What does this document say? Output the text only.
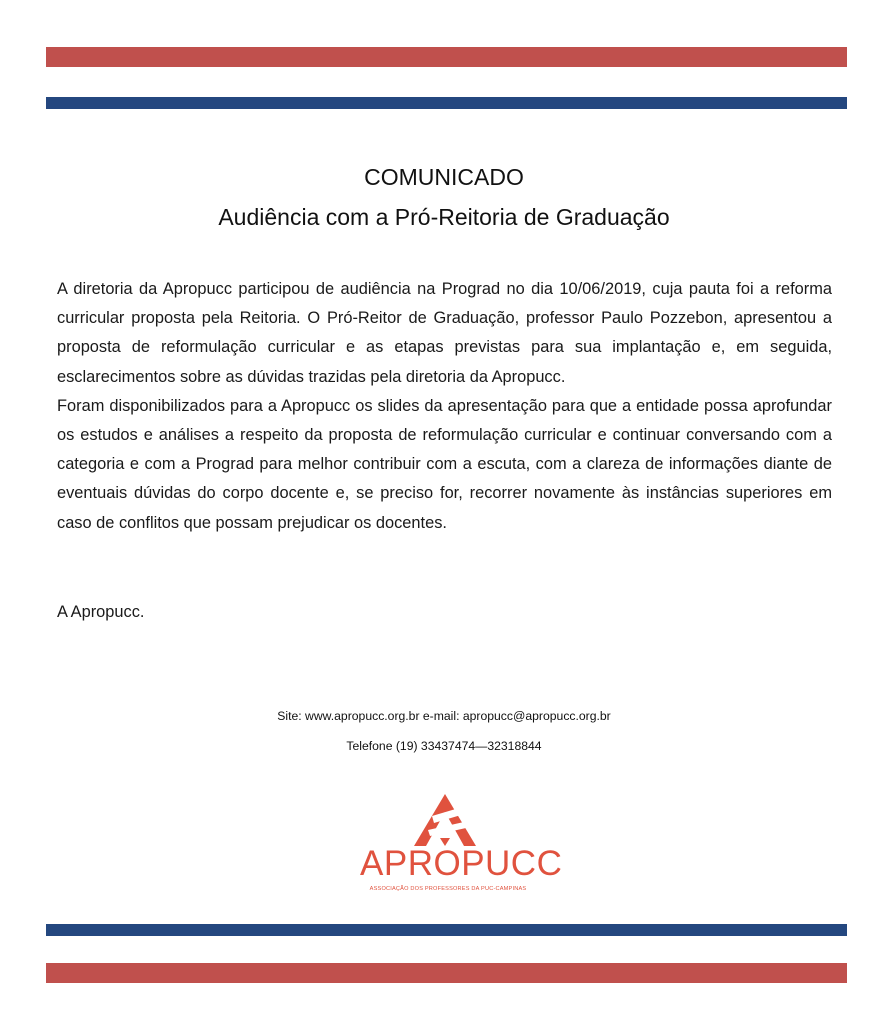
COMUNICADO
Audiência com a Pró-Reitoria de Graduação

A diretoria da Apropucc participou de audiência na Prograd no dia 10/06/2019, cuja pauta foi a reforma curricular proposta pela Reitoria. O Pró-Reitor de Graduação, professor Paulo Pozzebon, apresentou a proposta de reformulação curricular e as etapas previstas para sua implantação e, em seguida, esclarecimentos sobre as dúvidas trazidas pela diretoria da Apropucc.

Foram disponibilizados para a Apropucc os slides da apresentação para que a entidade possa aprofundar os estudos e análises a respeito da proposta de reformulação curricular e continuar conversando com a categoria e com a Prograd para melhor contribuir com a escuta, com a clareza de informações diante de eventuais dúvidas do corpo docente e, se preciso for, recorrer novamente às instâncias superiores em caso de conflitos que possam prejudicar os docentes.

A Apropucc.

Site: www.apropucc.org.br e-mail: apropucc@apropucc.org.br

Telefone (19) 33437474—32318844

APROPUCC
ASSOCIAÇÃO DOS PROFESSORES DA PUC-CAMPINAS
